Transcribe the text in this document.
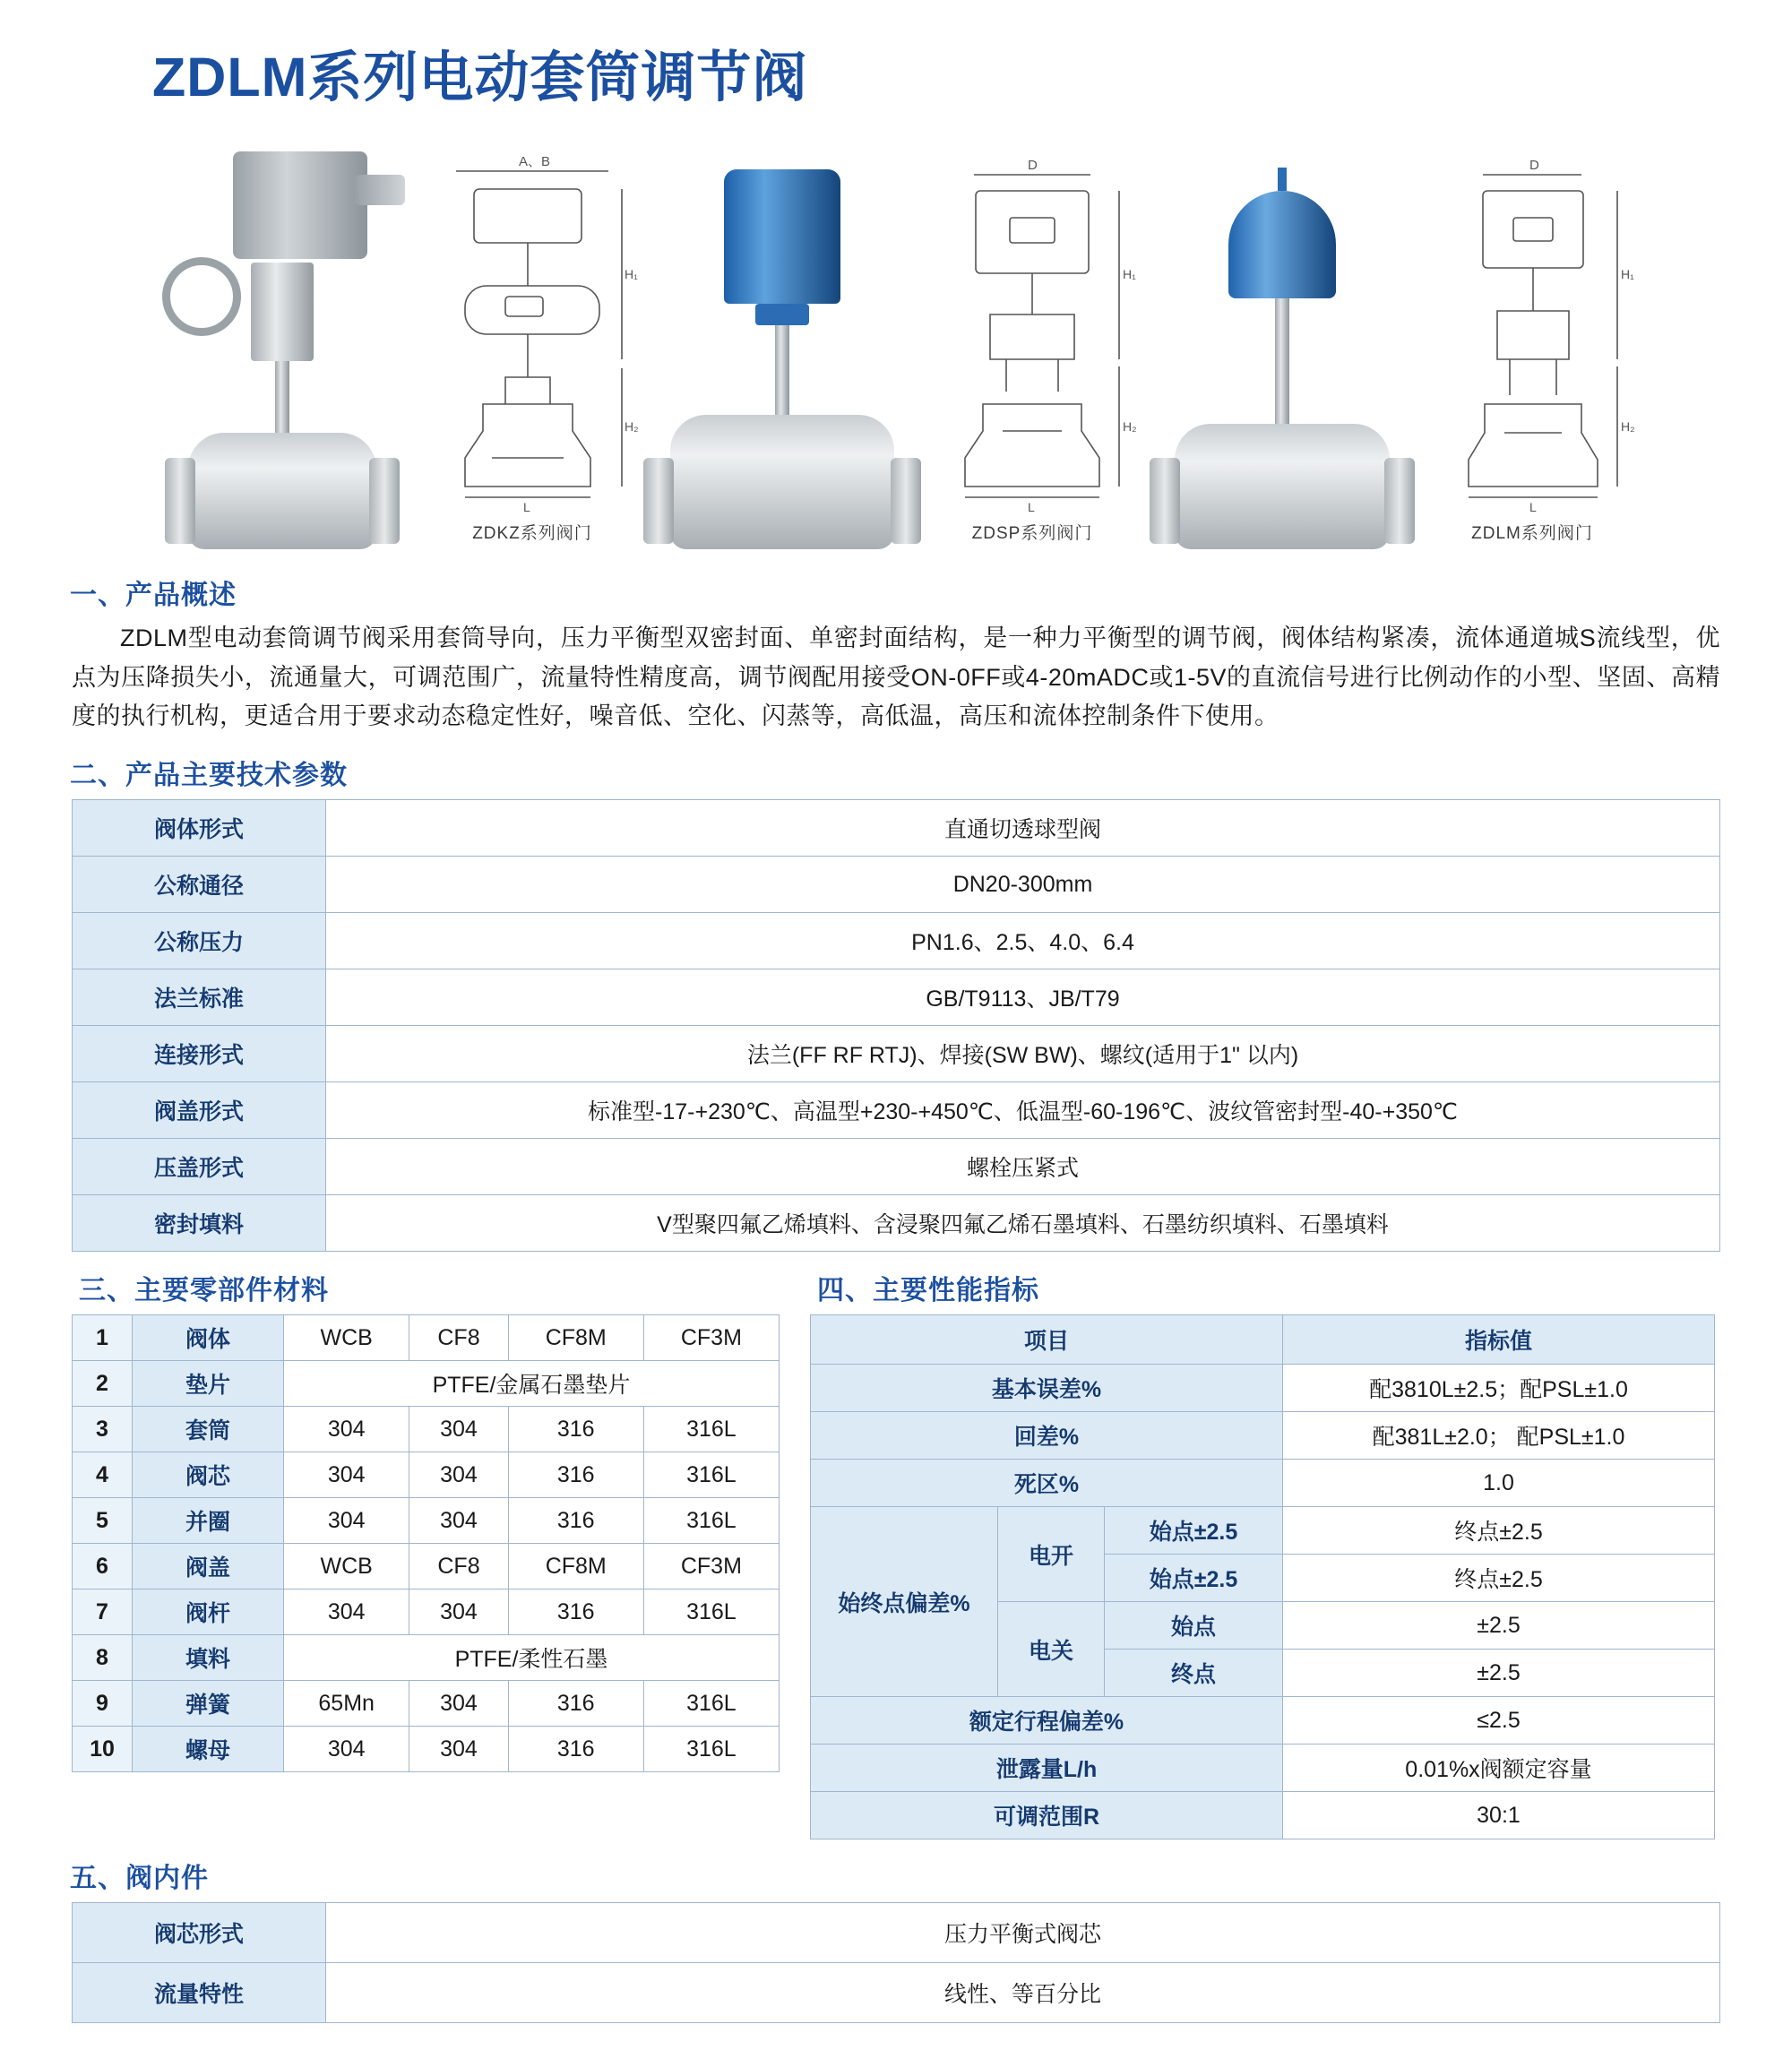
ZDLM系列电动套筒调节阀
A、B
H₁
H₂
L
ZDKZ系列阀门
D
H₁
H₂
L
ZDSP系列阀门
D
H₁
H₂
L
ZDLM系列阀门
一、产品概述

ZDLM型电动套筒调节阀采用套筒导向，压力平衡型双密封面、单密封面结构，是一种力平衡型的调节阀，阀体结构紧凑，流体通道城S流线型，优点为压降损失小，流通量大，可调范围广，流量特性精度高，调节阀配用接受ON-0FF或4-20mADC或1-5V的直流信号进行比例动作的小型、坚固、高精度的执行机构，更适合用于要求动态稳定性好，噪音低、空化、闪蒸等，高低温，高压和流体控制条件下使用。

二、产品主要技术参数
阀体形式	直通切透球型阀
公称通径	DN20-300mm
公称压力	PN1.6、2.5、4.0、6.4
法兰标准	GB/T9113、JB/T79
连接形式	法兰(FF RF RTJ)、焊接(SW BW)、螺纹(适用于1" 以内)
阀盖形式	标准型-17-+230℃、高温型+230-+450℃、低温型-60-196℃、波纹管密封型-40-+350℃
压盖形式	螺栓压紧式
密封填料	V型聚四氟乙烯填料、含浸聚四氟乙烯石墨填料、石墨纺织填料、石墨填料
三、主要零部件材料	四、主要性能指标
1	阀体	WCB	CF8	CF8M	CF3M
2	垫片	PTFE/金属石墨垫片			
3	套筒	304	304	316	316L
4	阀芯	304	304	316	316L
5	并圈	304	304	316	316L
6	阀盖	WCB	CF8	CF8M	CF3M
7	阀杆	304	304	316	316L
8	填料	PTFE/柔性石墨			
9	弹簧	65Mn	304	316	316L
10	螺母	304	304	316	316L
项目			指标值
基本误差%			配3810L±2.5；配PSL±1.0
回差%			配381L±2.0； 配PSL±1.0
死区%			1.0
始终点偏差%	电开	始点±2.5	终点±2.5
		始点±2.5	终点±2.5
	电关	始点	±2.5
		终点	±2.5
额定行程偏差%			≤2.5
泄露量L/h			0.01%x阀额定容量
可调范围R			30:1
五、阀内件
阀芯形式	压力平衡式阀芯
流量特性	线性、等百分比
